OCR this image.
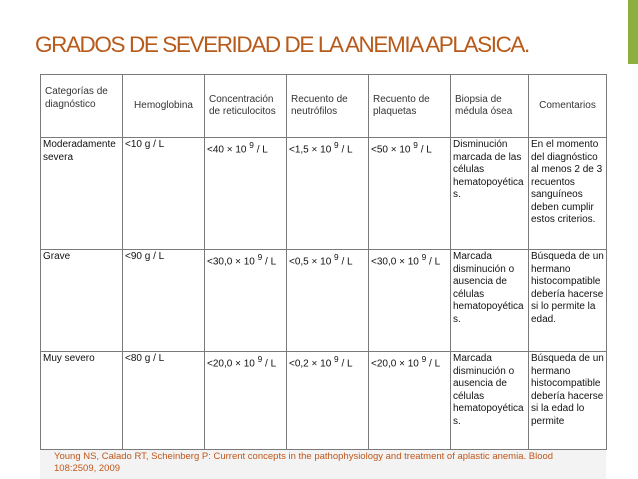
GRADOS DE SEVERIDAD DE LA ANEMIA APLASICA.
Categorías de diagnóstico	Hemoglobina	Concentración de reticulocitos	Recuento de neutrófilos	Recuento de plaquetas	Biopsia de médula ósea	Comentarios
Moderadamente severa	<10 g / L	<40 × 10 $^9$ / L	<1,5 × 10 $^9$ / L	<50 × 10 $^9$ / L	Disminución marcada de las células hematopoyética s.	En el momento del diagnóstico al menos 2 de 3 recuentos sanguíneos deben cumplir estos criterios.
Grave	<90 g / L	<30,0 × 10 $^9$ / L	<0,5 × 10 $^9$ / L	<30,0 × 10 $^9$ / L	Marcada disminución o ausencia de células hematopoyética s.	Búsqueda de un hermano histocompatible debería hacerse si lo permite la edad.
Muy severo	<80 g / L	<20,0 × 10 $^9$ / L	<0,2 × 10 $^9$ / L	<20,0 × 10 $^9$ / L	Marcada disminución o ausencia de células hematopoyética s.	Búsqueda de un hermano histocompatible debería hacerse si la edad lo permite
Young NS, Calado RT, Scheinberg P: Current concepts in the pathophysiology and treatment of aplastic anemia. Blood
108:2509, 2009
